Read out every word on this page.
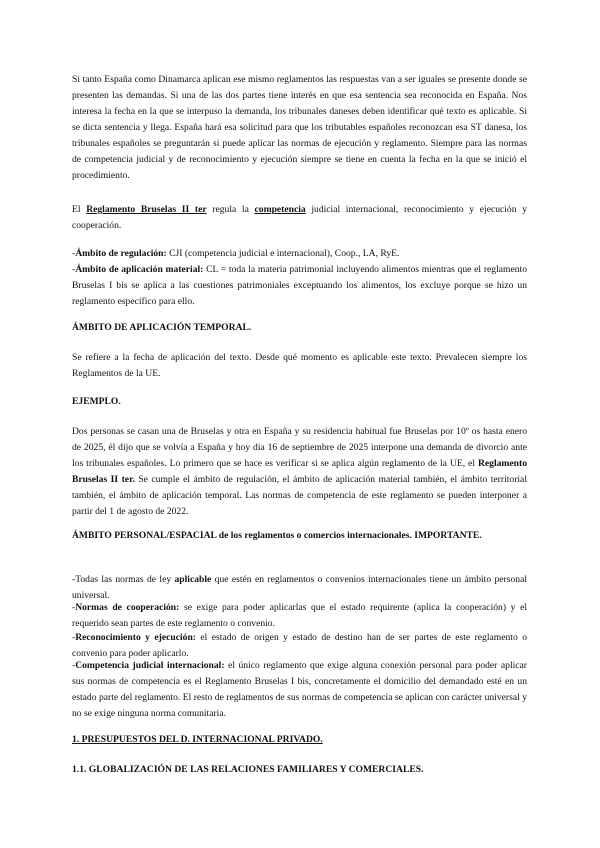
Si tanto España como Dinamarca aplican ese mismo reglamentos las respuestas van a ser iguales se presente donde se presenten las demandas. Si una de las dos partes tiene interés en que esa sentencia sea reconocida en España. Nos interesa la fecha en la que se interpuso la demanda, los tribunales daneses deben identificar qué texto es aplicable. Si se dicta sentencia y llega. España hará esa solicitud para que los tributables españoles reconozcan esa ST danesa, los tribunales españoles se preguntarán si puede aplicar las normas de ejecución y reglamento. Siempre para las normas de competencia judicial y de reconocimiento y ejecución siempre se tiene en cuenta la fecha en la que se inició el procedimiento.

El Reglamento Bruselas II ter regula la competencia judicial internacional, reconocimiento y ejecución y cooperación.

-Ámbito de regulación: CJI (competencia judicial e internacional), Coop., LA, RyE.

-Ámbito de aplicación material: CL = toda la materia patrimonial incluyendo alimentos mientras que el reglamento Bruselas I bis se aplica a las cuestiones patrimoniales exceptuando los alimentos, los excluye porque se hizo un reglamento específico para ello.

ÁMBITO DE APLICACIÓN TEMPORAL.

Se refiere a la fecha de aplicación del texto. Desde qué momento es aplicable este texto. Prevalecen siempre los Reglamentos de la UE.

EJEMPLO.

Dos personas se casan una de Bruselas y otra en España y su residencia habitual fue Bruselas por 10º os hasta enero de 2025, él dijo que se volvía a España y hoy día 16 de septiembre de 2025 interpone una demanda de divorcio ante los tribunales españoles. Lo primero que se hace es verificar si se aplica algún reglamento de la UE, el Reglamento Bruselas II ter. Se cumple el ámbito de regulación, el ámbito de aplicación material también, el ámbito territorial también, el ámbito de aplicación temporal. Las normas de competencia de este reglamento se pueden interponer a partir del 1 de agosto de 2022.

ÁMBITO PERSONAL/ESPACIAL de los reglamentos o comercios internacionales. IMPORTANTE.

-Todas las normas de ley aplicable que estén en reglamentos o convenios internacionales tiene un ámbito personal universal.

-Normas de cooperación: se exige para poder aplicarlas que el estado requirente (aplica la cooperación) y el requerido sean partes de este reglamento o convenio.

-Reconocimiento y ejecución: el estado de origen y estado de destino han de ser partes de este reglamento o convenio para poder aplicarlo.

-Competencia judicial internacional: el único reglamento que exige alguna conexión personal para poder aplicar sus normas de competencia es el Reglamento Bruselas I bis, concretamente el domicilio del demandado esté en un estado parte del reglamento. El resto de reglamentos de sus normas de competencia se aplican con carácter universal y no se exige ninguna norma comunitaria.

1. PRESUPUESTOS DEL D. INTERNACIONAL PRIVADO.

1.1. GLOBALIZACIÓN DE LAS RELACIONES FAMILIARES Y COMERCIALES.
